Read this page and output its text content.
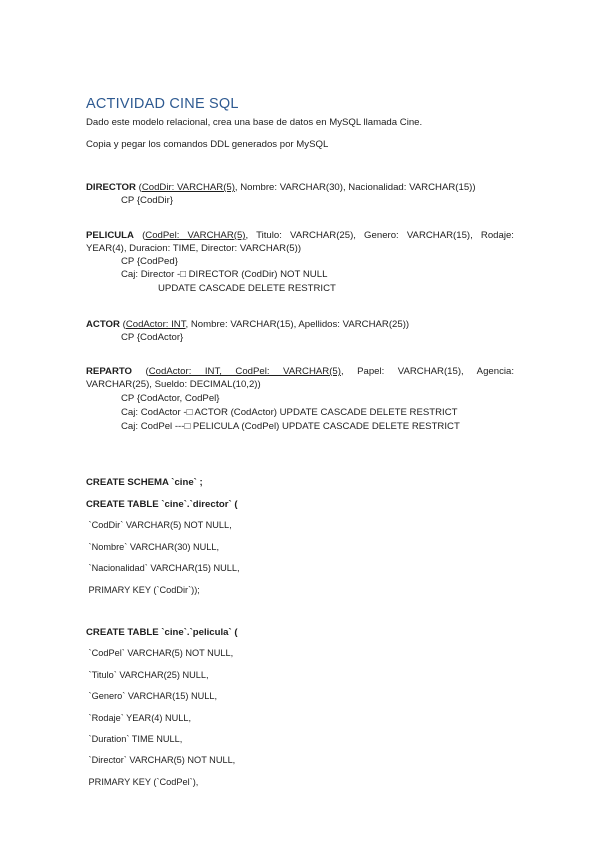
ACTIVIDAD CINE SQL
Dado este modelo relacional, crea una base de datos en MySQL llamada Cine.
Copia y pegar los comandos DDL generados por MySQL
DIRECTOR (CodDir: VARCHAR(5), Nombre: VARCHAR(30), Nacionalidad: VARCHAR(15))
CP {CodDir}
PELICULA (CodPel: VARCHAR(5), Titulo: VARCHAR(25), Genero: VARCHAR(15), Rodaje:
YEAR(4), Duracion: TIME, Director: VARCHAR(5))
CP {CodPed}
Caj: Director -□ DIRECTOR (CodDir) NOT NULL
UPDATE CASCADE DELETE RESTRICT
ACTOR (CodActor: INT, Nombre: VARCHAR(15), Apellidos: VARCHAR(25))
CP {CodActor}
REPARTO (CodActor: INT, CodPel: VARCHAR(5), Papel: VARCHAR(15), Agencia:
VARCHAR(25), Sueldo: DECIMAL(10,2))
CP {CodActor, CodPel}
Caj: CodActor -□ ACTOR (CodActor) UPDATE CASCADE DELETE RESTRICT
Caj: CodPel ---□ PELICULA (CodPel) UPDATE CASCADE DELETE RESTRICT
CREATE SCHEMA `cine` ;
CREATE TABLE `cine`.`director` (
`CodDir` VARCHAR(5) NOT NULL,
`Nombre` VARCHAR(30) NULL,
`Nacionalidad` VARCHAR(15) NULL,
PRIMARY KEY (`CodDir`));
CREATE TABLE `cine`.`pelicula` (
`CodPel` VARCHAR(5) NOT NULL,
`Titulo` VARCHAR(25) NULL,
`Genero` VARCHAR(15) NULL,
`Rodaje` YEAR(4) NULL,
`Duration` TIME NULL,
`Director` VARCHAR(5) NOT NULL,
PRIMARY KEY (`CodPel`),
